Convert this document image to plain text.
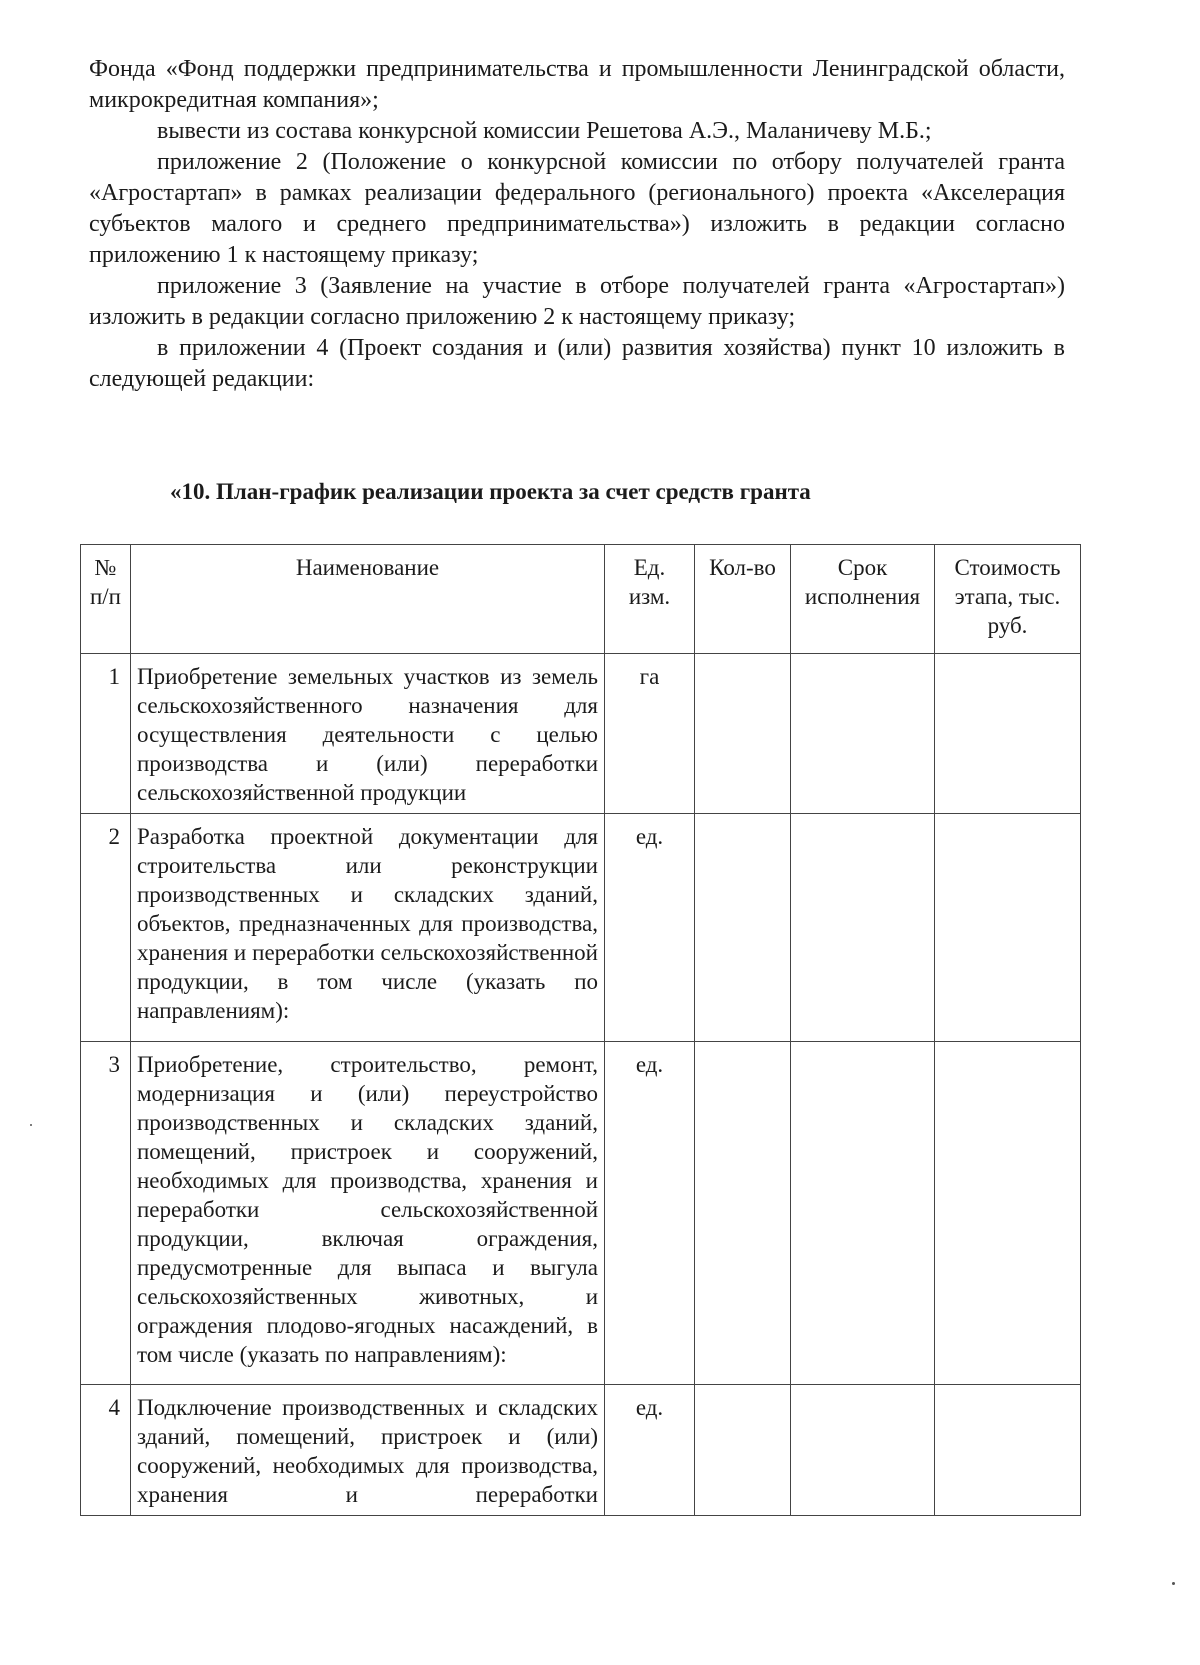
Фонда «Фонд поддержки предпринимательства и промышленности Ленинградской области, микрокредитная компания»;

вывести из состава конкурсной комиссии Решетова А.Э., Маланичеву М.Б.;

приложение 2 (Положение о конкурсной комиссии по отбору получателей гранта «Агростартап» в рамках реализации федерального (регионального) проекта «Акселерация субъектов малого и среднего предпринимательства») изложить в редакции согласно приложению 1 к настоящему приказу;

приложение 3 (Заявление на участие в отборе получателей гранта «Агростартап») изложить в редакции согласно приложению 2 к настоящему приказу;

в приложении 4 (Проект создания и (или) развития хозяйства) пункт 10 изложить в следующей редакции:

«10. План-график реализации проекта за счет средств гранта

№ п/п	Наименование	Ед. изм.	Кол-во	Срок исполнения	Стоимость этапа, тыс. руб.
1	Приобретение земельных участков из земель сельскохозяйственного назначения для осуществления деятельности с целью производства и (или) переработки сельскохозяйственной продукции	га			
2	Разработка проектной документации для строительства или реконструкции производственных и складских зданий, объектов, предназначенных для производства, хранения и переработки сельскохозяйственной продукции, в том числе (указать по направлениям):	ед.			
3	Приобретение, строительство, ремонт, модернизация и (или) переустройство производственных и складских зданий, помещений, пристроек и сооружений, необходимых для производства, хранения и переработки сельскохозяйственной продукции, включая ограждения, предусмотренные для выпаса и выгула сельскохозяйственных животных, и ограждения плодово-ягодных насаждений, в том числе (указать по направлениям):	ед.			
4	Подключение производственных и складских зданий, помещений, пристроек и (или) сооружений, необходимых для производства, хранения и переработки	ед.			
